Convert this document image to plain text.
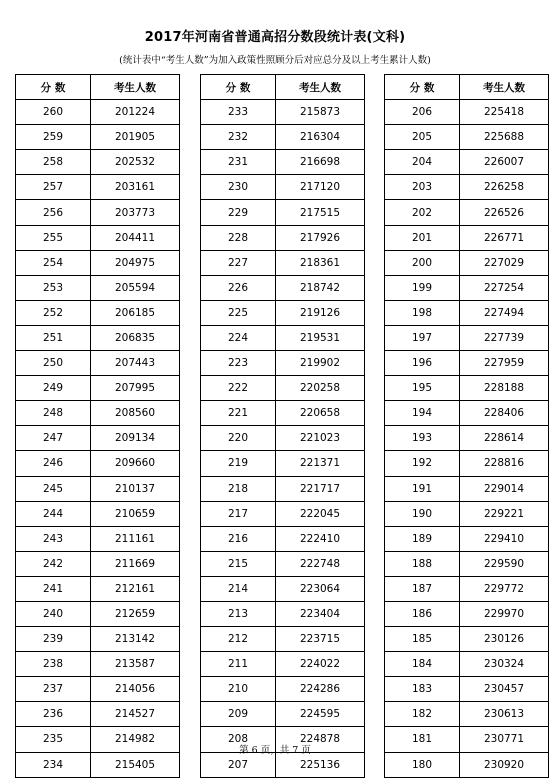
2017年河南省普通高招分数段统计表(文科)
(统计表中“考生人数”为加入政策性照顾分后对应总分及以上考生累计人数)
分 数	考生人数
260	201224
259	201905
258	202532
257	203161
256	203773
255	204411
254	204975
253	205594
252	206185
251	206835
250	207443
249	207995
248	208560
247	209134
246	209660
245	210137
244	210659
243	211161
242	211669
241	212161
240	212659
239	213142
238	213587
237	214056
236	214527
235	214982
234	215405
分 数	考生人数
233	215873
232	216304
231	216698
230	217120
229	217515
228	217926
227	218361
226	218742
225	219126
224	219531
223	219902
222	220258
221	220658
220	221023
219	221371
218	221717
217	222045
216	222410
215	222748
214	223064
213	223404
212	223715
211	224022
210	224286
209	224595
208	224878
207	225136
分 数	考生人数
206	225418
205	225688
204	226007
203	226258
202	226526
201	226771
200	227029
199	227254
198	227494
197	227739
196	227959
195	228188
194	228406
193	228614
192	228816
191	229014
190	229221
189	229410
188	229590
187	229772
186	229970
185	230126
184	230324
183	230457
182	230613
181	230771
180	230920
第 6 页，共 7 页
